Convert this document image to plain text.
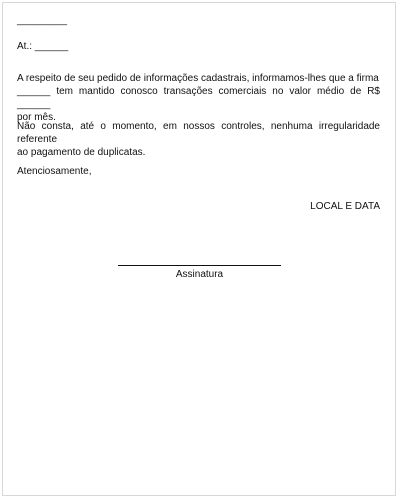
_________
At.: ______
A respeito de seu pedido de informações cadastrais, informamos-lhes que a firma
______ tem mantido conosco transações comerciais no valor médio de R$ ______
por mês.
Não consta, até o momento, em nossos controles, nenhuma irregularidade referente
ao pagamento de duplicatas.
Atenciosamente,
LOCAL E DATA
Assinatura
